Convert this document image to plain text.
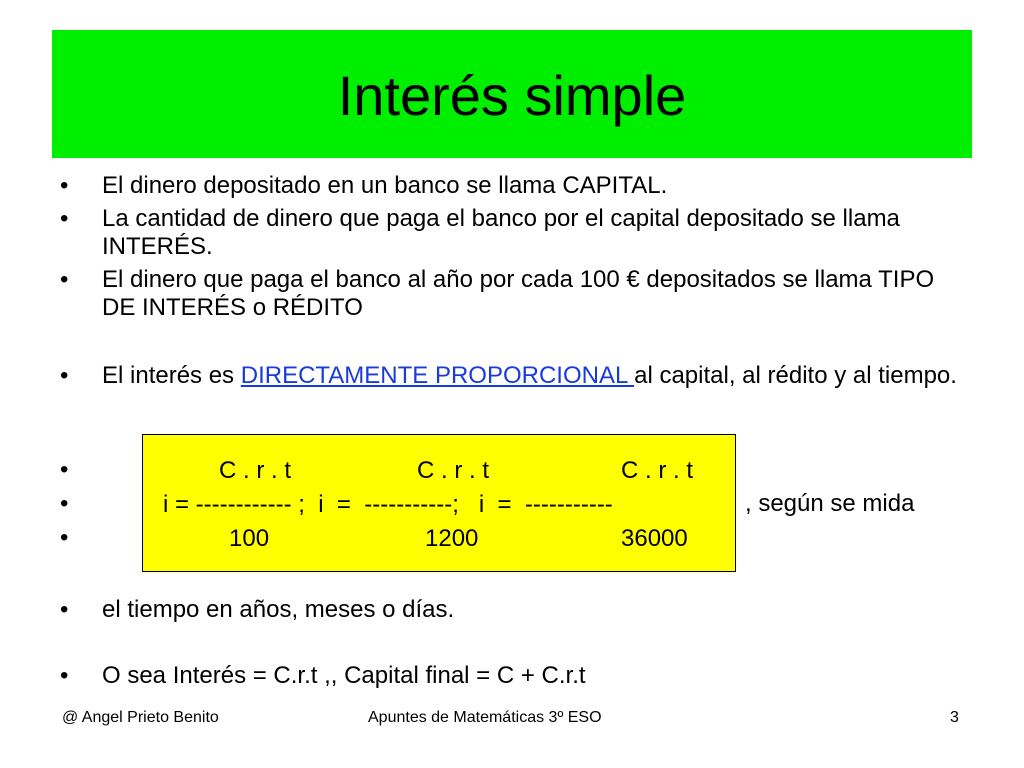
Interés simple
• El dinero depositado en un banco se llama CAPITAL.
• La cantidad de dinero que paga el banco por el capital depositado se llama INTERÉS.
• El dinero que paga el banco al año por cada 100 € depositados se llama TIPO DE INTERÉS o RÉDITO
• El interés es DIRECTAMENTE PROPORCIONAL al capital, al rédito y al tiempo.
•
•
•
C . r . t	C . r . t	C . r . t
i = ------------ ;  i  =  -----------;   i  =  -----------
100	1200	36000
, según se mida
• el tiempo en años, meses o días.
• O sea Interés = C.r.t ,, Capital final = C + C.r.t
@ Angel Prieto Benito	Apuntes de Matemáticas 3º ESO	3
